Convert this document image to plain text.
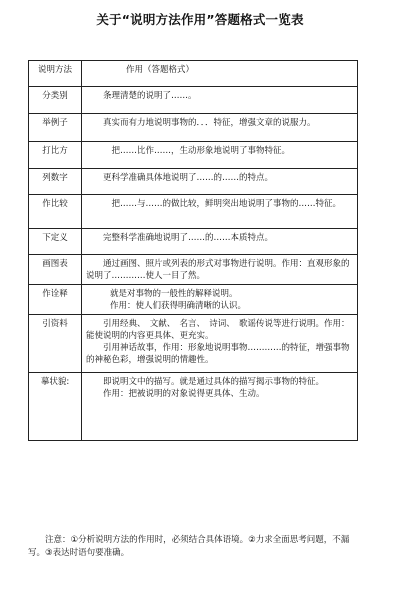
关于“说明方法作用”答题格式一览表
说明方法	作用（答题格式）

分类别	条理清楚的说明了……。

举例子	真实而有力地说明事物的．．．特征，增强文章的说服力。

打比方	把……比作……，生动形象地说明了事物特征。

列数字	更科学准确具体地说明了……的……的特点。

作比较	把……与……的做比较，鲜明突出地说明了事物的……特征。

下定义	完整科学准确地说明了……的……本质特点。

画图表	通过画图、照片或列表的形式对事物进行说明。作用：直观形象的说明了…………使人一目了然。

作诠释	就是对事物的一般性的解释说明。
作用：使人们获得明确清晰的认识。

引资料	引用经典、　文献、　名言、　诗词、　歌谣传说等进行说明。作用：能使说明的内容更具体、更充实。
引用神话故事，作用：形象地说明事物…………的特征，增强事物的神秘色彩，增强说明的情趣性。

摹状貌:	即说明文中的描写。就是通过具体的描写揭示事物的特征。
作用：把被说明的对象说得更具体、生动。
注意：①分析说明方法的作用时，必须结合具体语境。②力求全面思考问题，不漏写。③表达时语句要准确。
